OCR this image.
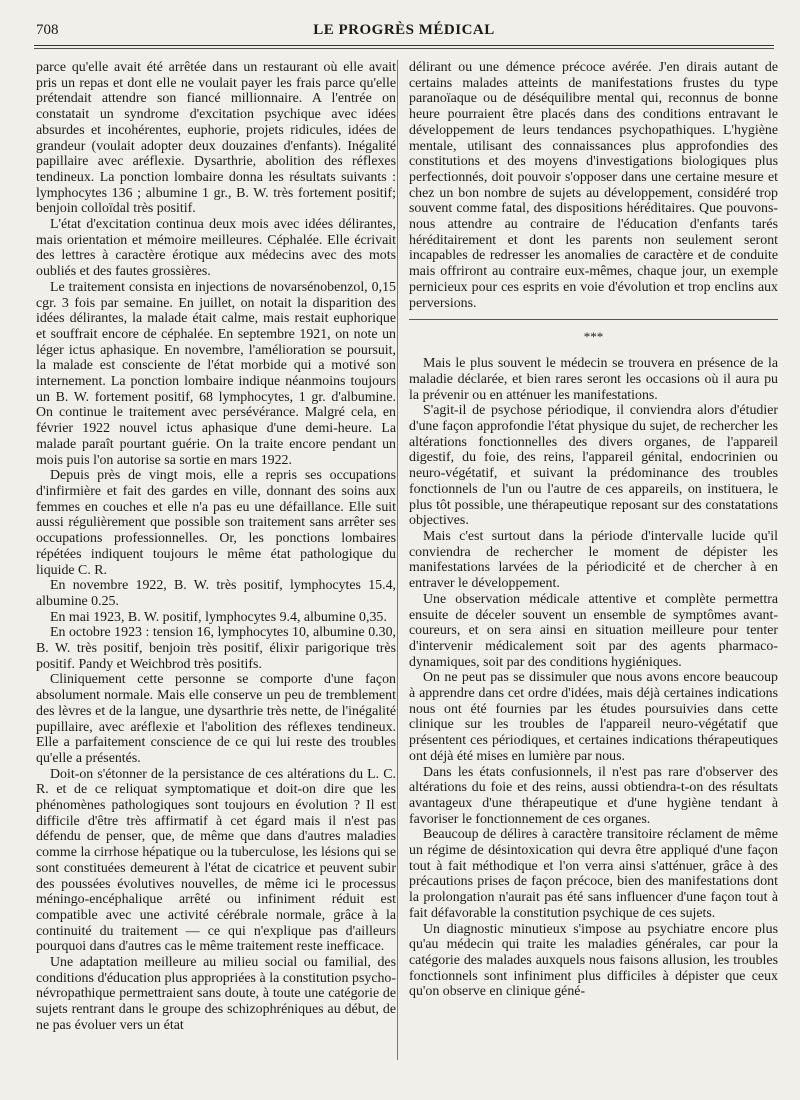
708	LE PROGRÈS MÉDICAL

parce qu'elle avait été arrêtée dans un restaurant où elle avait pris un repas et dont elle ne voulait payer les frais parce qu'elle prétendait attendre son fiancé millionnaire. A l'entrée on constatait un syndrome d'excitation psychique avec idées absurdes et incohérentes, euphorie, projets ridicules, idées de grandeur (voulait adopter deux douzaines d'enfants). Inégalité papillaire avec aréflexie. Dysarthrie, abolition des réflexes tendineux. La ponction lombaire donna les résultats suivants : lymphocytes 136 ; albumine 1 gr., B. W. très fortement positif; benjoin colloïdal très positif.

L'état d'excitation continua deux mois avec idées délirantes, mais orientation et mémoire meilleures. Céphalée. Elle écrivait des lettres à caractère érotique aux médecins avec des mots oubliés et des fautes grossières.

Le traitement consista en injections de novarsénobenzol, 0,15 cgr. 3 fois par semaine. En juillet, on notait la disparition des idées délirantes, la malade était calme, mais restait euphorique et souffrait encore de céphalée. En septembre 1921, on note un léger ictus aphasique. En novembre, l'amélioration se poursuit, la malade est consciente de l'état morbide qui a motivé son internement. La ponction lombaire indique néanmoins toujours un B. W. fortement positif, 68 lymphocytes, 1 gr. d'albumine. On continue le traitement avec persévérance. Malgré cela, en février 1922 nouvel ictus aphasique d'une demi-heure. La malade paraît pourtant guérie. On la traite encore pendant un mois puis l'on autorise sa sortie en mars 1922.

Depuis près de vingt mois, elle a repris ses occupations d'infirmière et fait des gardes en ville, donnant des soins aux femmes en couches et elle n'a pas eu une défaillance. Elle suit aussi régulièrement que possible son traitement sans arrêter ses occupations professionnelles. Or, les ponctions lombaires répétées indiquent toujours le même état pathologique du liquide C. R.

En novembre 1922, B. W. très positif, lymphocytes 15.4, albumine 0.25.

En mai 1923, B. W. positif, lymphocytes 9.4, albumine 0,35.

En octobre 1923 : tension 16, lymphocytes 10, albumine 0.30, B. W. très positif, benjoin très positif, élixir parigorique très positif. Pandy et Weichbrod très positifs.

Cliniquement cette personne se comporte d'une façon absolument normale. Mais elle conserve un peu de tremblement des lèvres et de la langue, une dysarthrie très nette, de l'inégalité pupillaire, avec aréflexie et l'abolition des réflexes tendineux. Elle a parfaitement conscience de ce qui lui reste des troubles qu'elle a présentés.

Doit-on s'étonner de la persistance de ces altérations du L. C. R. et de ce reliquat symptomatique et doit-on dire que les phénomènes pathologiques sont toujours en évolution ? Il est difficile d'être très affirmatif à cet égard mais il n'est pas défendu de penser, que, de même que dans d'autres maladies comme la cirrhose hépatique ou la tuberculose, les lésions qui se sont constituées demeurent à l'état de cicatrice et peuvent subir des poussées évolutives nouvelles, de même ici le processus méningo-encéphalique arrêté ou infiniment réduit est compatible avec une activité cérébrale normale, grâce à la continuité du traitement — ce qui n'explique pas d'ailleurs pourquoi dans d'autres cas le même traitement reste inefficace.

Une adaptation meilleure au milieu social ou familial, des conditions d'éducation plus appropriées à la constitution psycho-névropathique permettraient sans doute, à toute une catégorie de sujets rentrant dans le groupe des schizophréniques au début, de ne pas évoluer vers un état

délirant ou une démence précoce avérée. J'en dirais autant de certains malades atteints de manifestations frustes du type paranoïaque ou de déséquilibre mental qui, reconnus de bonne heure pourraient être placés dans des conditions entravant le développement de leurs tendances psychopathiques. L'hygiène mentale, utilisant des connaissances plus approfondies des constitutions et des moyens d'investigations biologiques plus perfectionnés, doit pouvoir s'opposer dans une certaine mesure et chez un bon nombre de sujets au développement, considéré trop souvent comme fatal, des dispositions héréditaires. Que pouvons-nous attendre au contraire de l'éducation d'enfants tarés héréditairement et dont les parents non seulement seront incapables de redresser les anomalies de caractère et de conduite mais offriront au contraire eux-mêmes, chaque jour, un exemple pernicieux pour ces esprits en voie d'évolution et trop enclins aux perversions.

***

Mais le plus souvent le médecin se trouvera en présence de la maladie déclarée, et bien rares seront les occasions où il aura pu la prévenir ou en atténuer les manifestations.

S'agit-il de psychose périodique, il conviendra alors d'étudier d'une façon approfondie l'état physique du sujet, de rechercher les altérations fonctionnelles des divers organes, de l'appareil digestif, du foie, des reins, l'appareil génital, endocrinien ou neuro-végétatif, et suivant la prédominance des troubles fonctionnels de l'un ou l'autre de ces appareils, on instituera, le plus tôt possible, une thérapeutique reposant sur des constatations objectives.

Mais c'est surtout dans la période d'intervalle lucide qu'il conviendra de rechercher le moment de dépister les manifestations larvées de la périodicité et de chercher à en entraver le développement.

Une observation médicale attentive et complète permettra ensuite de déceler souvent un ensemble de symptômes avant-coureurs, et on sera ainsi en situation meilleure pour tenter d'intervenir médicalement soit par des agents pharmaco-dynamiques, soit par des conditions hygiéniques.

On ne peut pas se dissimuler que nous avons encore beaucoup à apprendre dans cet ordre d'idées, mais déjà certaines indications nous ont été fournies par les études poursuivies dans cette clinique sur les troubles de l'appareil neuro-végétatif que présentent ces périodiques, et certaines indications thérapeutiques ont déjà été mises en lumière par nous.

Dans les états confusionnels, il n'est pas rare d'observer des altérations du foie et des reins, aussi obtiendra-t-on des résultats avantageux d'une thérapeutique et d'une hygiène tendant à favoriser le fonctionnement de ces organes.

Beaucoup de délires à caractère transitoire réclament de même un régime de désintoxication qui devra être appliqué d'une façon tout à fait méthodique et l'on verra ainsi s'atténuer, grâce à des précautions prises de façon précoce, bien des manifestations dont la prolongation n'aurait pas été sans influencer d'une façon tout à fait défavorable la constitution psychique de ces sujets.

Un diagnostic minutieux s'impose au psychiatre encore plus qu'au médecin qui traite les maladies générales, car pour la catégorie des malades auxquels nous faisons allusion, les troubles fonctionnels sont infiniment plus difficiles à dépister que ceux qu'on observe en clinique géné-
